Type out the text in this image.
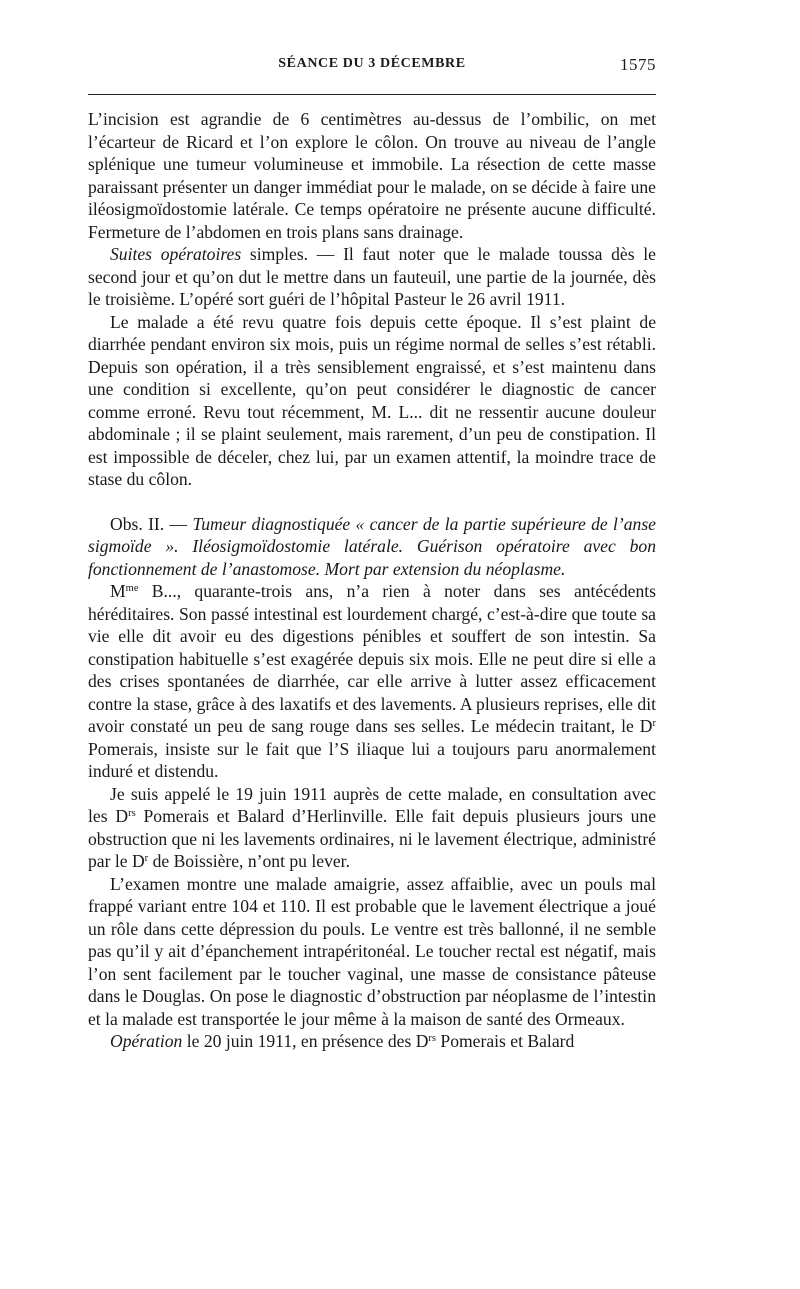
SÉANCE DU 3 DÉCEMBRE	1575

L’incision est agrandie de 6 centimètres au-dessus de l’ombilic, on met l’écarteur de Ricard et l’on explore le côlon. On trouve au niveau de l’angle splénique une tumeur volumineuse et immobile. La résection de cette masse paraissant présenter un danger immédiat pour le malade, on se décide à faire une iléosigmoïdostomie latérale. Ce temps opératoire ne présente aucune difficulté. Fermeture de l’abdomen en trois plans sans drainage.

Suites opératoires simples. — Il faut noter que le malade toussa dès le second jour et qu’on dut le mettre dans un fauteuil, une partie de la journée, dès le troisième. L’opéré sort guéri de l’hôpital Pasteur le 26 avril 1911.

Le malade a été revu quatre fois depuis cette époque. Il s’est plaint de diarrhée pendant environ six mois, puis un régime normal de selles s’est rétabli. Depuis son opération, il a très sensiblement engraissé, et s’est maintenu dans une condition si excellente, qu’on peut considérer le diagnostic de cancer comme erroné. Revu tout récemment, M. L... dit ne ressentir aucune douleur abdominale ; il se plaint seulement, mais rarement, d’un peu de constipation. Il est impossible de déceler, chez lui, par un examen attentif, la moindre trace de stase du côlon.

Obs. II. — Tumeur diagnostiquée « cancer de la partie supérieure de l’anse sigmoïde ». Iléosigmoïdostomie latérale. Guérison opératoire avec bon fonctionnement de l’anastomose. Mort par extension du néoplasme.

$M^{me}$ B..., quarante-trois ans, n’a rien à noter dans ses antécédents héréditaires. Son passé intestinal est lourdement chargé, c’est-à-dire que toute sa vie elle dit avoir eu des digestions pénibles et souffert de son intestin. Sa constipation habituelle s’est exagérée depuis six mois. Elle ne peut dire si elle a des crises spontanées de diarrhée, car elle arrive à lutter assez efficacement contre la stase, grâce à des laxatifs et des lavements. A plusieurs reprises, elle dit avoir constaté un peu de sang rouge dans ses selles. Le médecin traitant, le $D^r$ Pomerais, insiste sur le fait que l’S iliaque lui a toujours paru anormalement induré et distendu.

Je suis appelé le 19 juin 1911 auprès de cette malade, en consultation avec les $D^{rs}$ Pomerais et Balard d’Herlinville. Elle fait depuis plusieurs jours une obstruction que ni les lavements ordinaires, ni le lavement électrique, administré par le $D^r$ de Boissière, n’ont pu lever.

L’examen montre une malade amaigrie, assez affaiblie, avec un pouls mal frappé variant entre 104 et 110. Il est probable que le lavement électrique a joué un rôle dans cette dépression du pouls. Le ventre est très ballonné, il ne semble pas qu’il y ait d’épanchement intrapéritonéal. Le toucher rectal est négatif, mais l’on sent facilement par le toucher vaginal, une masse de consistance pâteuse dans le Douglas. On pose le diagnostic d’obstruction par néoplasme de l’intestin et la malade est transportée le jour même à la maison de santé des Ormeaux.

Opération le 20 juin 1911, en présence des $D^{rs}$ Pomerais et Balard
